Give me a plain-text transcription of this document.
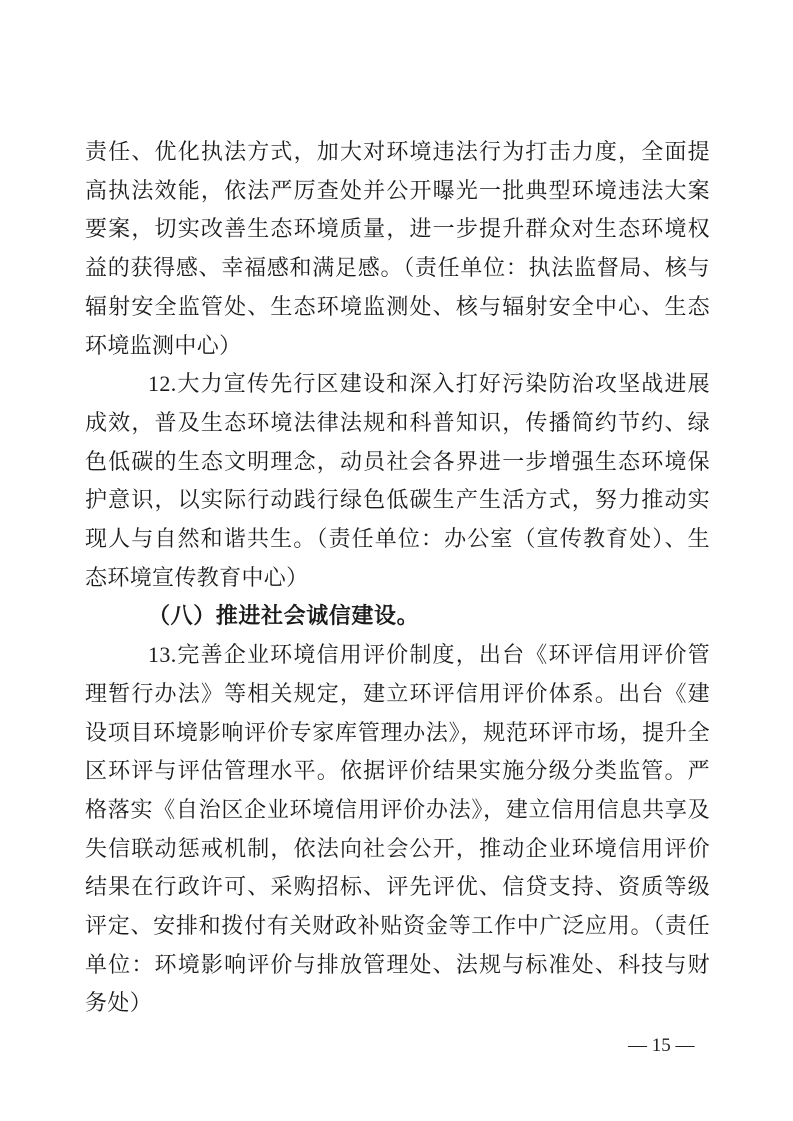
责任、优化执法方式，加大对环境违法行为打击力度，全面提高执法效能，依法严厉查处并公开曝光一批典型环境违法大案要案，切实改善生态环境质量，进一步提升群众对生态环境权益的获得感、幸福感和满足感。（责任单位：执法监督局、核与辐射安全监管处、生态环境监测处、核与辐射安全中心、生态环境监测中心）

12.大力宣传先行区建设和深入打好污染防治攻坚战进展成效，普及生态环境法律法规和科普知识，传播简约节约、绿色低碳的生态文明理念，动员社会各界进一步增强生态环境保护意识，以实际行动践行绿色低碳生产生活方式，努力推动实现人与自然和谐共生。（责任单位：办公室（宣传教育处）、生态环境宣传教育中心）

（八）推进社会诚信建设。

13.完善企业环境信用评价制度，出台《环评信用评价管理暂行办法》等相关规定，建立环评信用评价体系。出台《建设项目环境影响评价专家库管理办法》，规范环评市场，提升全区环评与评估管理水平。依据评价结果实施分级分类监管。严格落实《自治区企业环境信用评价办法》，建立信用信息共享及失信联动惩戒机制，依法向社会公开，推动企业环境信用评价结果在行政许可、采购招标、评先评优、信贷支持、资质等级评定、安排和拨付有关财政补贴资金等工作中广泛应用。（责任单位：环境影响评价与排放管理处、法规与标准处、科技与财务处）

— 15 —
